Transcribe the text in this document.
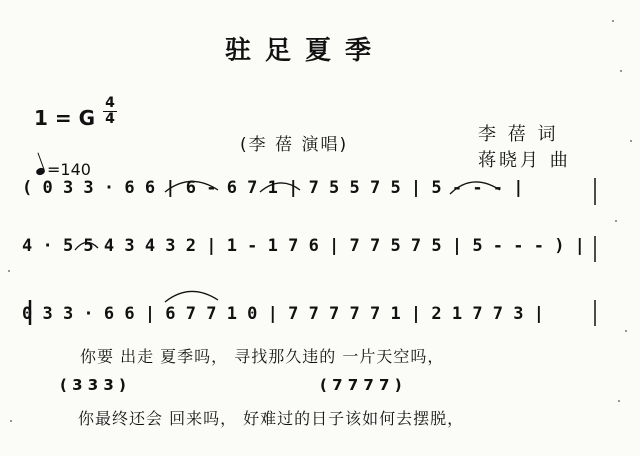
驻足夏季
1 = G
4
4
=140
(李 蓓 演唱)	李 蓓 词
蒋晓月 曲
( 0 3 3 · 6 6 | 6 - 6 7 1 | 7 5 5 7 5 | 5 - - - |
4 · 5 5 4 3 4 3 2 | 1 - 1 7 6 | 7 7 5 7 5 | 5 - - - ) |
0 3 3 · 6 6 | 6 7 7 1 0 | 7 7 7 7 7 1 | 2 1 7 7 3 |
你要 出走 夏季吗， 寻找那久违的 一片天空吗，
( 3 3 3 )	( 7 7 7 7 )
你最终还会 回来吗， 好难过的日子该如何去摆脱，
